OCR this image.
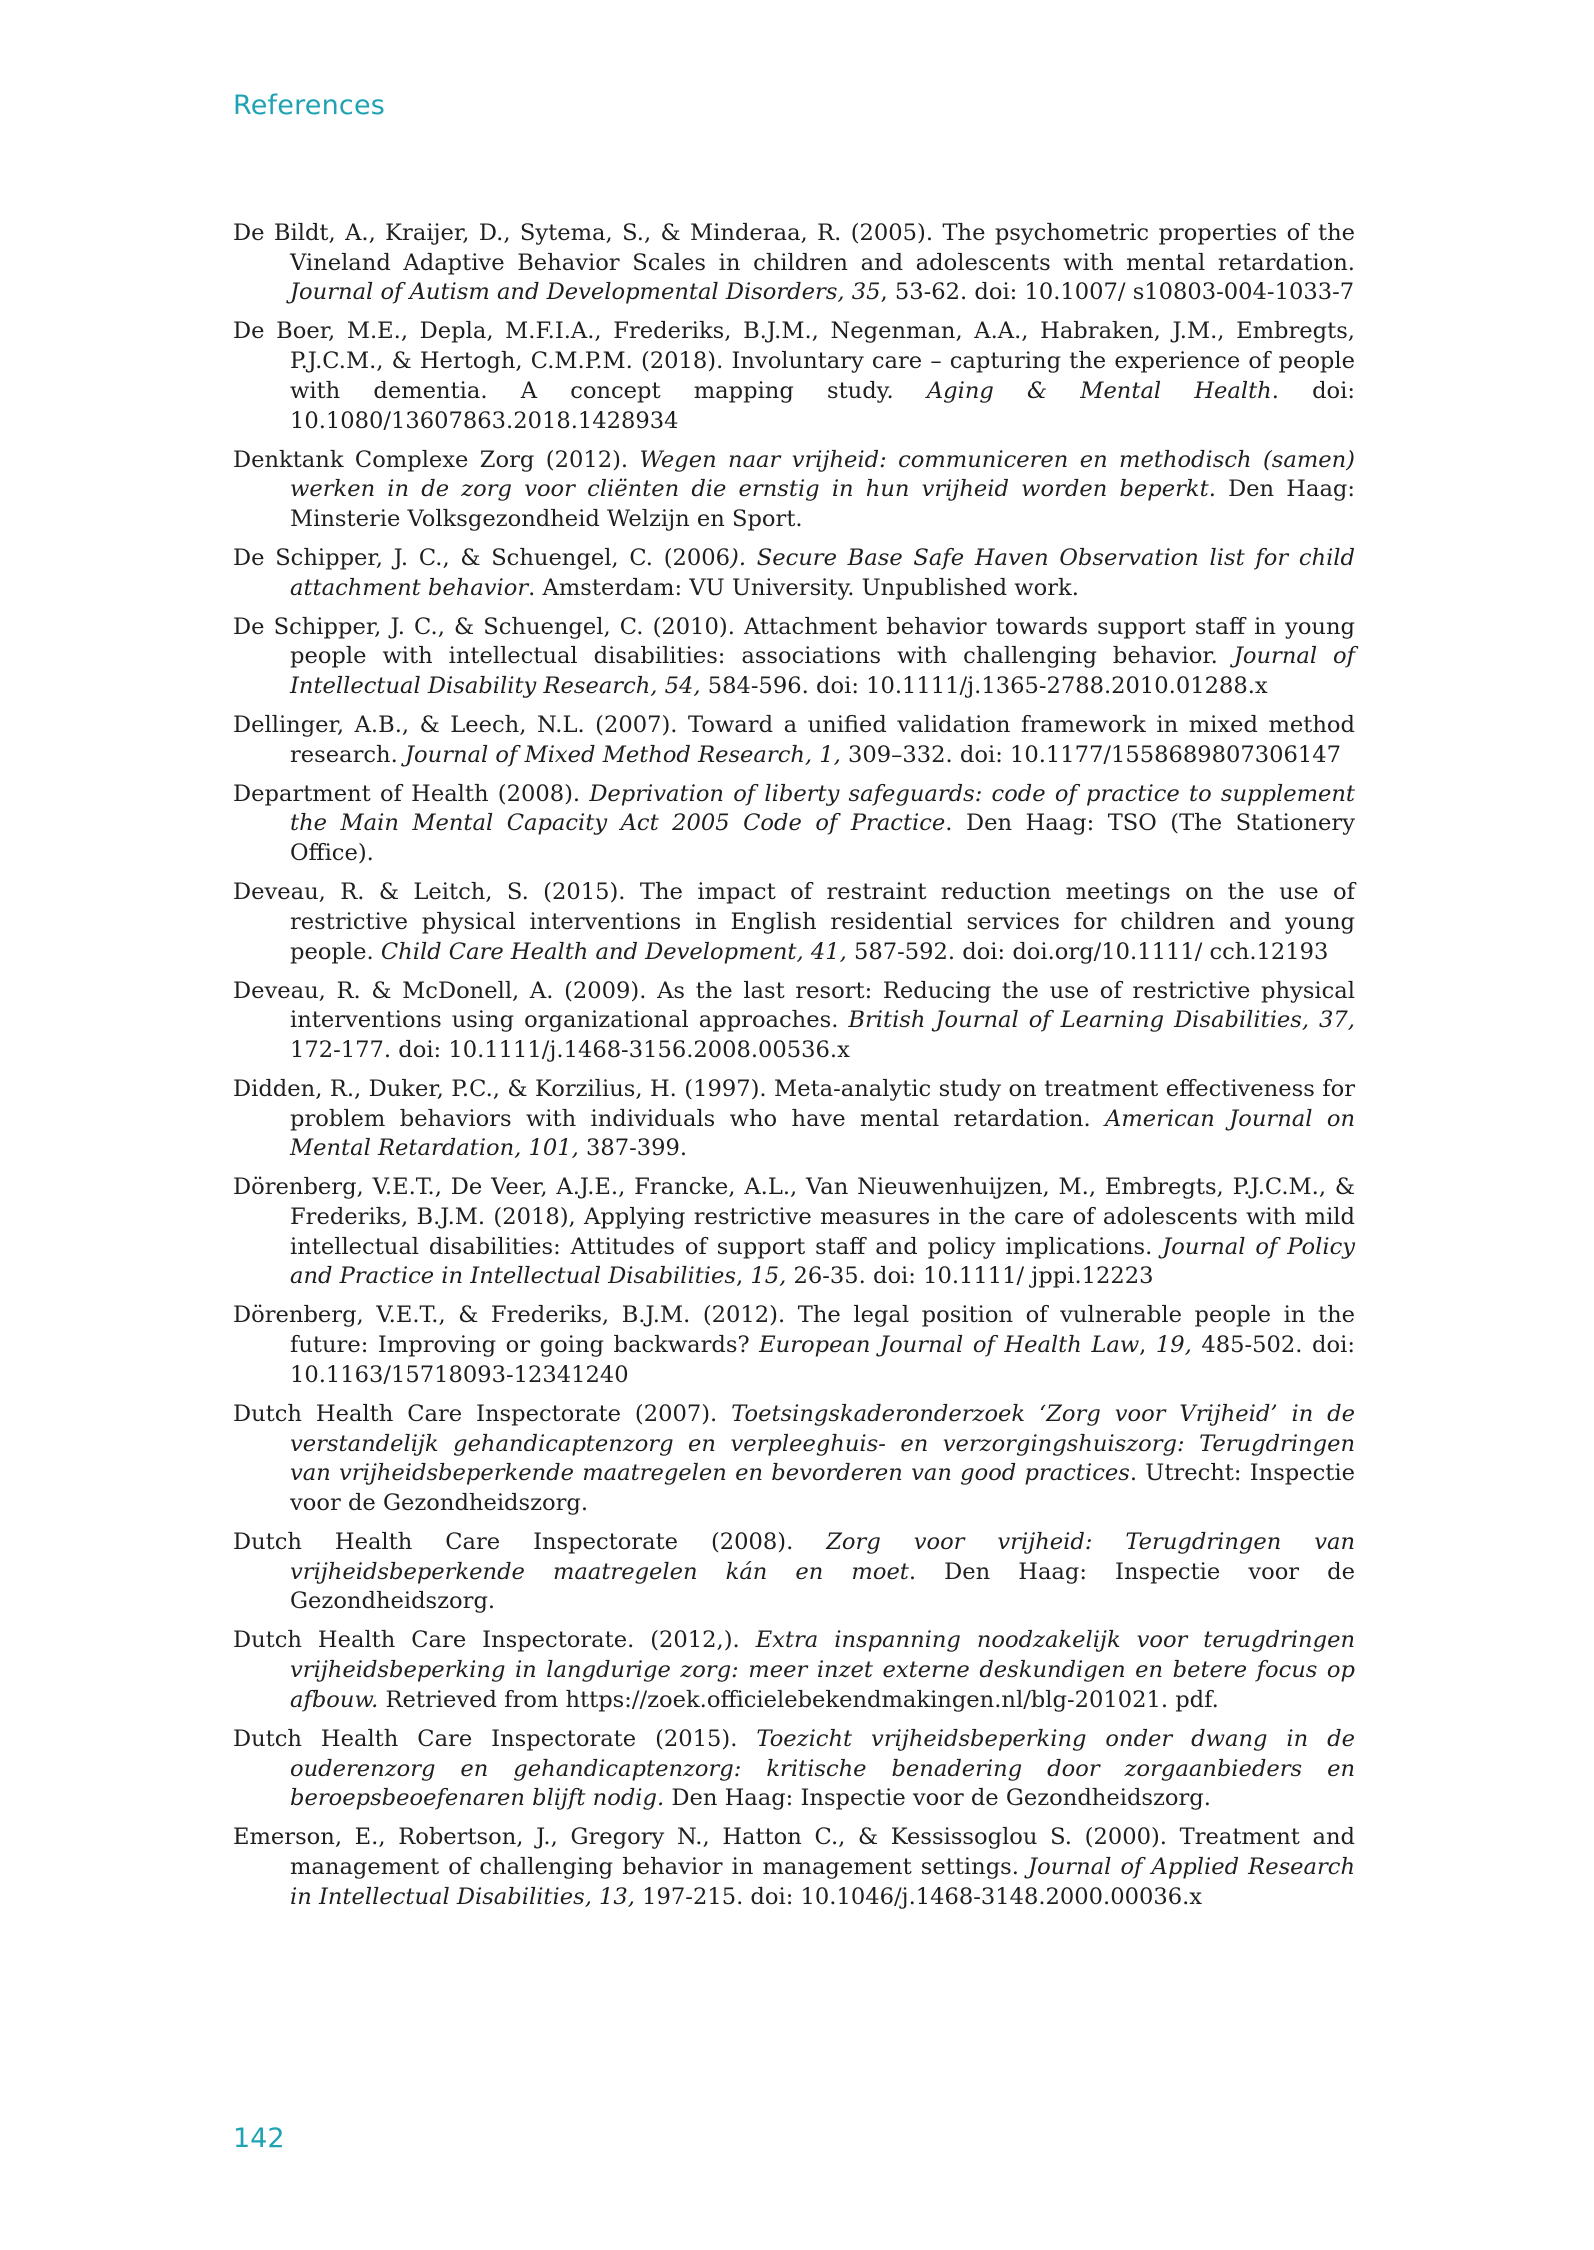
References
De Bildt, A., Kraijer, D., Sytema, S., & Minderaa, R. (2005). The psychometric properties of the Vineland Adaptive Behavior Scales in children and adolescents with mental retardation. Journal of Autism and Developmental Disorders, 35, 53-62. doi: 10.1007/ s10803-004-1033-7
De Boer, M.E., Depla, M.F.I.A., Frederiks, B.J.M., Negenman, A.A., Habraken, J.M., Embregts, P.J.C.M., & Hertogh, C.M.P.M. (2018). Involuntary care – capturing the experience of people with dementia. A concept mapping study. Aging & Mental Health. doi: 10.1080/13607863.2018.1428934
Denktank Complexe Zorg (2012). Wegen naar vrijheid: communiceren en methodisch (samen) werken in de zorg voor cliënten die ernstig in hun vrijheid worden beperkt. Den Haag: Minsterie Volksgezondheid Welzijn en Sport.
De Schipper, J. C., & Schuengel, C. (2006). Secure Base Safe Haven Observation list for child attachment behavior. Amsterdam: VU University. Unpublished work.
De Schipper, J. C., & Schuengel, C. (2010). Attachment behavior towards support staff in young people with intellectual disabilities: associations with challenging behavior. Journal of Intellectual Disability Research, 54, 584-596. doi: 10.1111/j.1365-2788.2010.01288.x
Dellinger, A.B., & Leech, N.L. (2007). Toward a unified validation framework in mixed method research. Journal of Mixed Method Research, 1, 309–332. doi: 10.1177/1558689807306147
Department of Health (2008). Deprivation of liberty safeguards: code of practice to supplement the Main Mental Capacity Act 2005 Code of Practice. Den Haag: TSO (The Stationery Office).
Deveau, R. & Leitch, S. (2015). The impact of restraint reduction meetings on the use of restrictive physical interventions in English residential services for children and young people. Child Care Health and Development, 41, 587-592. doi: doi.org/10.1111/ cch.12193
Deveau, R. & McDonell, A. (2009). As the last resort: Reducing the use of restrictive physical interventions using organizational approaches. British Journal of Learning Disabilities, 37, 172-177. doi: 10.1111/j.1468-3156.2008.00536.x
Didden, R., Duker, P.C., & Korzilius, H. (1997). Meta-analytic study on treatment effectiveness for problem behaviors with individuals who have mental retardation. American Journal on Mental Retardation, 101, 387-399.
Dörenberg, V.E.T., De Veer, A.J.E., Francke, A.L., Van Nieuwenhuijzen, M., Embregts, P.J.C.M., & Frederiks, B.J.M. (2018), Applying restrictive measures in the care of adolescents with mild intellectual disabilities: Attitudes of support staff and policy implications. Journal of Policy and Practice in Intellectual Disabilities, 15, 26-35. doi: 10.1111/ jppi.12223
Dörenberg, V.E.T., & Frederiks, B.J.M. (2012). The legal position of vulnerable people in the future: Improving or going backwards? European Journal of Health Law, 19, 485-502. doi: 10.1163/15718093-12341240
Dutch Health Care Inspectorate (2007). Toetsingskaderonderzoek ‘Zorg voor Vrijheid’ in de verstandelijk gehandicaptenzorg en verpleeghuis- en verzorgingshuiszorg: Terugdringen van vrijheidsbeperkende maatregelen en bevorderen van good practices. Utrecht: Inspectie voor de Gezondheidszorg.
Dutch Health Care Inspectorate (2008). Zorg voor vrijheid: Terugdringen van vrijheidsbeperkende maatregelen kán en moet. Den Haag: Inspectie voor de Gezondheidszorg.
Dutch Health Care Inspectorate. (2012,). Extra inspanning noodzakelijk voor terugdringen vrijheidsbeperking in langdurige zorg: meer inzet externe deskundigen en betere focus op afbouw. Retrieved from https://zoek.officielebekendmakingen.nl/blg-201021. pdf.
Dutch Health Care Inspectorate (2015). Toezicht vrijheidsbeperking onder dwang in de ouderenzorg en gehandicaptenzorg: kritische benadering door zorgaanbieders en beroepsbeoefenaren blijft nodig. Den Haag: Inspectie voor de Gezondheidszorg.
Emerson, E., Robertson, J., Gregory N., Hatton C., & Kessissoglou S. (2000). Treatment and management of challenging behavior in management settings. Journal of Applied Research in Intellectual Disabilities, 13, 197-215. doi: 10.1046/j.1468-3148.2000.00036.x
142
